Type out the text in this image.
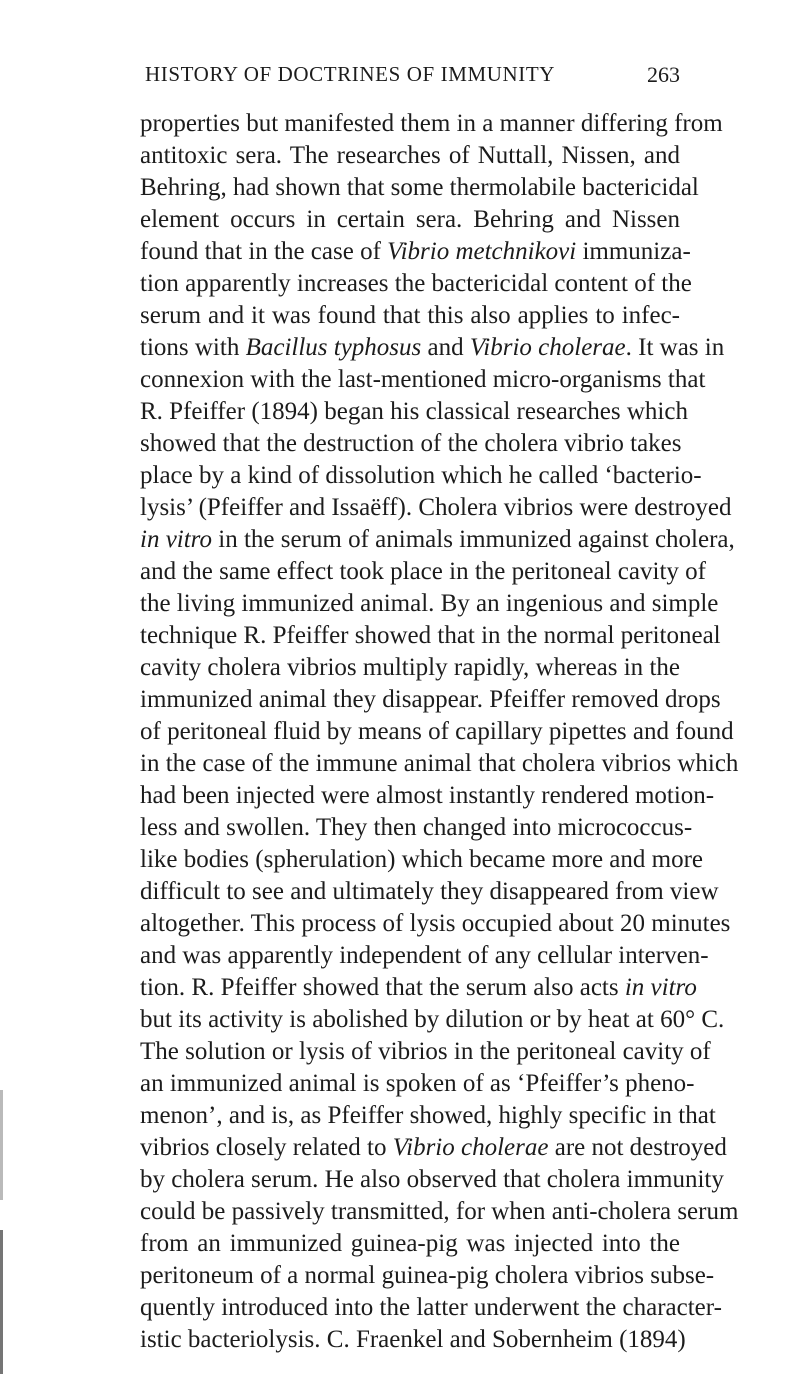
HISTORY OF DOCTRINES OF IMMUNITY	263
properties but manifested them in a manner differing from
antitoxic sera. The researches of Nuttall, Nissen, and
Behring, had shown that some thermolabile bactericidal
element occurs in certain sera. Behring and Nissen
found that in the case of Vibrio metchnikovi immuniza-
tion apparently increases the bactericidal content of the
serum and it was found that this also applies to infec-
tions with Bacillus typhosus and Vibrio cholerae. It was in
connexion with the last-mentioned micro-organisms that
R. Pfeiffer (1894) began his classical researches which
showed that the destruction of the cholera vibrio takes
place by a kind of dissolution which he called ‘bacterio-
lysis’ (Pfeiffer and Issaëff). Cholera vibrios were destroyed
in vitro in the serum of animals immunized against cholera,
and the same effect took place in the peritoneal cavity of
the living immunized animal. By an ingenious and simple
technique R. Pfeiffer showed that in the normal peritoneal
cavity cholera vibrios multiply rapidly, whereas in the
immunized animal they disappear. Pfeiffer removed drops
of peritoneal fluid by means of capillary pipettes and found
in the case of the immune animal that cholera vibrios which
had been injected were almost instantly rendered motion-
less and swollen. They then changed into micrococcus-
like bodies (spherulation) which became more and more
difficult to see and ultimately they disappeared from view
altogether. This process of lysis occupied about 20 minutes
and was apparently independent of any cellular interven-
tion. R. Pfeiffer showed that the serum also acts in vitro
but its activity is abolished by dilution or by heat at 60° C.
The solution or lysis of vibrios in the peritoneal cavity of
an immunized animal is spoken of as ‘Pfeiffer’s pheno-
menon’, and is, as Pfeiffer showed, highly specific in that
vibrios closely related to Vibrio cholerae are not destroyed
by cholera serum. He also observed that cholera immunity
could be passively transmitted, for when anti-cholera serum
from an immunized guinea-pig was injected into the
peritoneum of a normal guinea-pig cholera vibrios subse-
quently introduced into the latter underwent the character-
istic bacteriolysis. C. Fraenkel and Sobernheim (1894)
